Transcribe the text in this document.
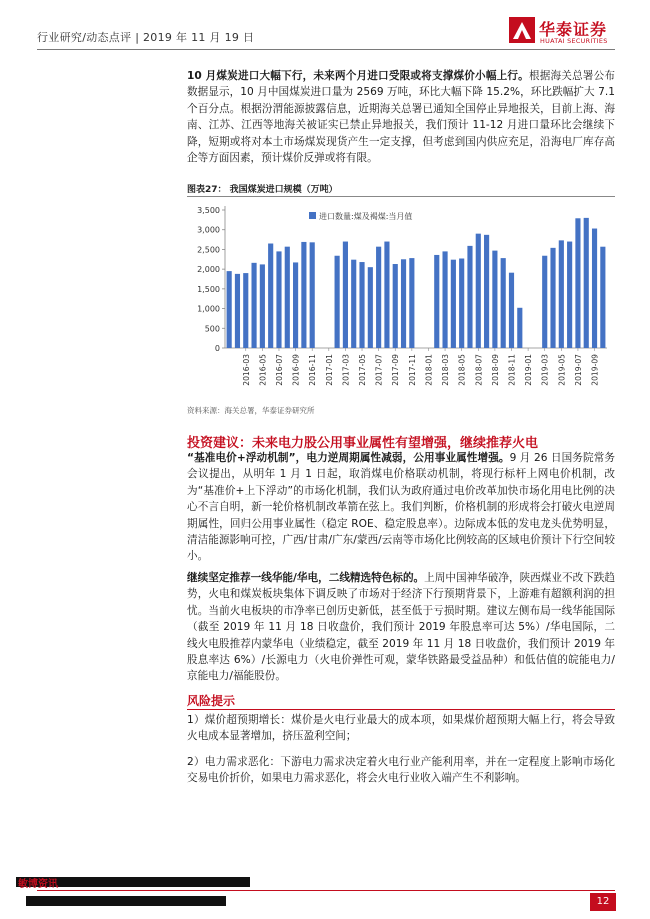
行业研究/动态点评 | 2019 年 11 月 19 日	华泰证券
HUATAI SECURITIES
10 月煤炭进口大幅下行，未来两个月进口受限或将支撑煤价小幅上行。根据海关总署公布数据显示，10 月中国煤炭进口量为 2569 万吨，环比大幅下降 15.2%，环比跌幅扩大 7.1 个百分点。根据汾渭能源披露信息，近期海关总署已通知全国停止异地报关，目前上海、海南、江苏、江西等地海关被证实已禁止异地报关，我们预计 11-12 月进口量环比会继续下降，短期或将对本土市场煤炭现货产生一定支撑，但考虑到国内供应充足，沿海电厂库存高企等方面因素，预计煤价反弹或将有限。
图表27： 我国煤炭进口规模（万吨）
0
500
1,000
1,500
2,000
2,500
3,000
3,500
2016-03 2016-05 2016-07 2016-09 2016-11 2017-01 2017-03 2017-05 2017-07 2017-09 2017-11 2018-01 2018-03 2018-05 2018-07 2018-09 2018-11 2019-01 2019-03 2019-05 2019-07 2019-09
进口数量:煤及褐煤:当月值
资料来源：海关总署，华泰证券研究所
投资建议：未来电力股公用事业属性有望增强，继续推荐火电
“基准电价+浮动机制”，电力逆周期属性减弱，公用事业属性增强。9 月 26 日国务院常务会议提出，从明年 1 月 1 日起，取消煤电价格联动机制，将现行标杆上网电价机制，改为“基准价+上下浮动”的市场化机制，我们认为政府通过电价改革加快市场化用电比例的决心不言自明，新一轮价格机制改革箭在弦上。我们判断，价格机制的形成将会打破火电逆周期属性，回归公用事业属性（稳定 ROE、稳定股息率）。边际成本低的发电龙头优势明显，清洁能源影响可控，广西/甘肃/广东/蒙西/云南等市场化比例较高的区域电价预计下行空间较小。
继续坚定推荐一线华能/华电，二线精选特色标的。上周中国神华破净，陕西煤业不改下跌趋势，火电和煤炭板块集体下调反映了市场对于经济下行预期背景下，上游难有超额利润的担忧。当前火电板块的市净率已创历史新低，甚至低于亏损时期。建议左侧布局一线华能国际（截至 2019 年 11 月 18 日收盘价，我们预计 2019 年股息率可达 5%）/华电国际，二线火电股推荐内蒙华电（业绩稳定，截至 2019 年 11 月 18 日收盘价，我们预计 2019 年股息率达 6%）/长源电力（火电价弹性可观，蒙华铁路最受益品种）和低估值的皖能电力/京能电力/福能股份。
风险提示
1）煤价超预期增长：煤价是火电行业最大的成本项，如果煤价超预期大幅上行，将会导致火电成本显著增加，挤压盈利空间；
2）电力需求恶化：下游电力需求决定着火电行业产能利用率，并在一定程度上影响市场化交易电价折价，如果电力需求恶化，将会火电行业收入端产生不利影响。
敏博资讯
12
